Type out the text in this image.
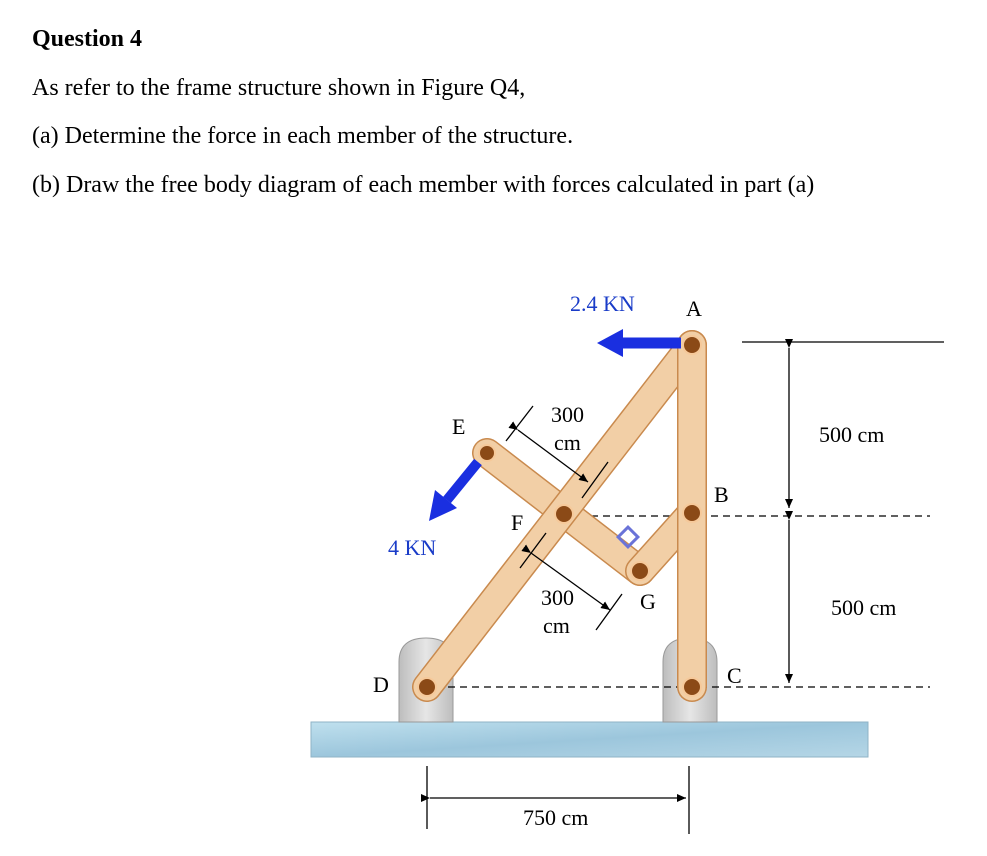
Question 4

As refer to the frame structure shown in Figure Q4,

(a) Determine the force in each member of the structure.

(b) Draw the free body diagram of each member with forces calculated in part (a)

A
B
C
D
E
F
G
2.4 KN
4 KN
300
cm
300
cm
500 cm
500 cm
750 cm
